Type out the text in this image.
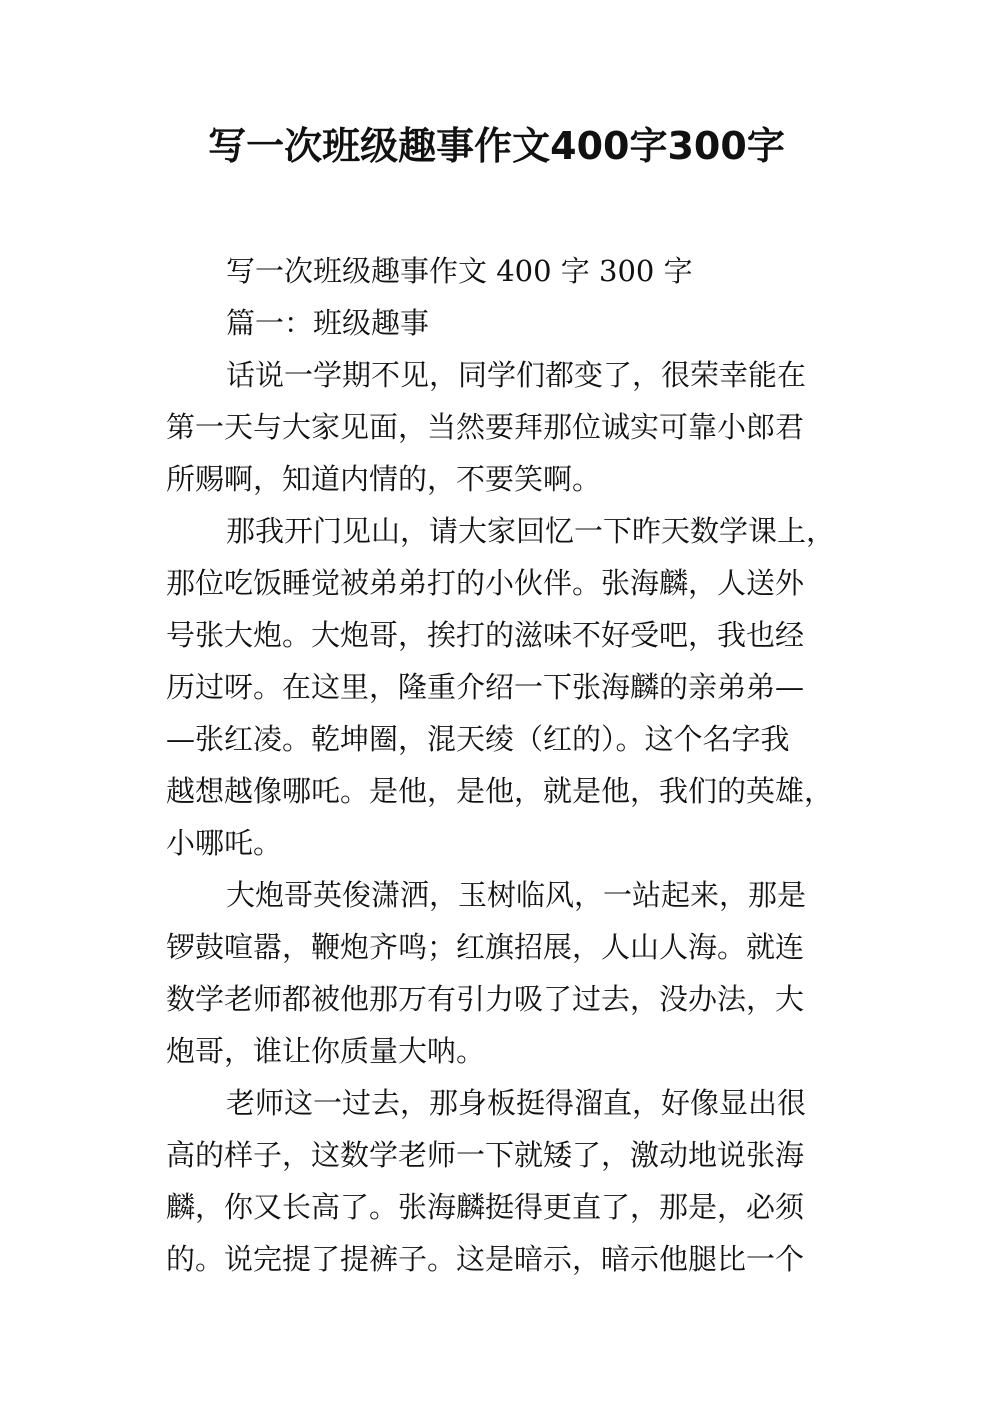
写一次班级趣事作文400字300字
写一次班级趣事作文 400 字 300 字
篇一：班级趣事
话说一学期不见，同学们都变了，很荣幸能在
第一天与大家见面，当然要拜那位诚实可靠小郎君
所赐啊，知道内情的，不要笑啊。
那我开门见山，请大家回忆一下昨天数学课上，
那位吃饭睡觉被弟弟打的小伙伴。张海麟，人送外
号张大炮。大炮哥，挨打的滋味不好受吧，我也经
历过呀。在这里，隆重介绍一下张海麟的亲弟弟—
—张红凌。乾坤圈，混天绫（红的）。这个名字我
越想越像哪吒。是他，是他，就是他，我们的英雄，
小哪吒。
大炮哥英俊潇洒，玉树临风，一站起来，那是
锣鼓喧嚣，鞭炮齐鸣；红旗招展，人山人海。就连
数学老师都被他那万有引力吸了过去，没办法，大
炮哥，谁让你质量大呐。
老师这一过去，那身板挺得溜直，好像显出很
高的样子，这数学老师一下就矮了，激动地说张海
麟，你又长高了。张海麟挺得更直了，那是，必须
的。说完提了提裤子。这是暗示，暗示他腿比一个
